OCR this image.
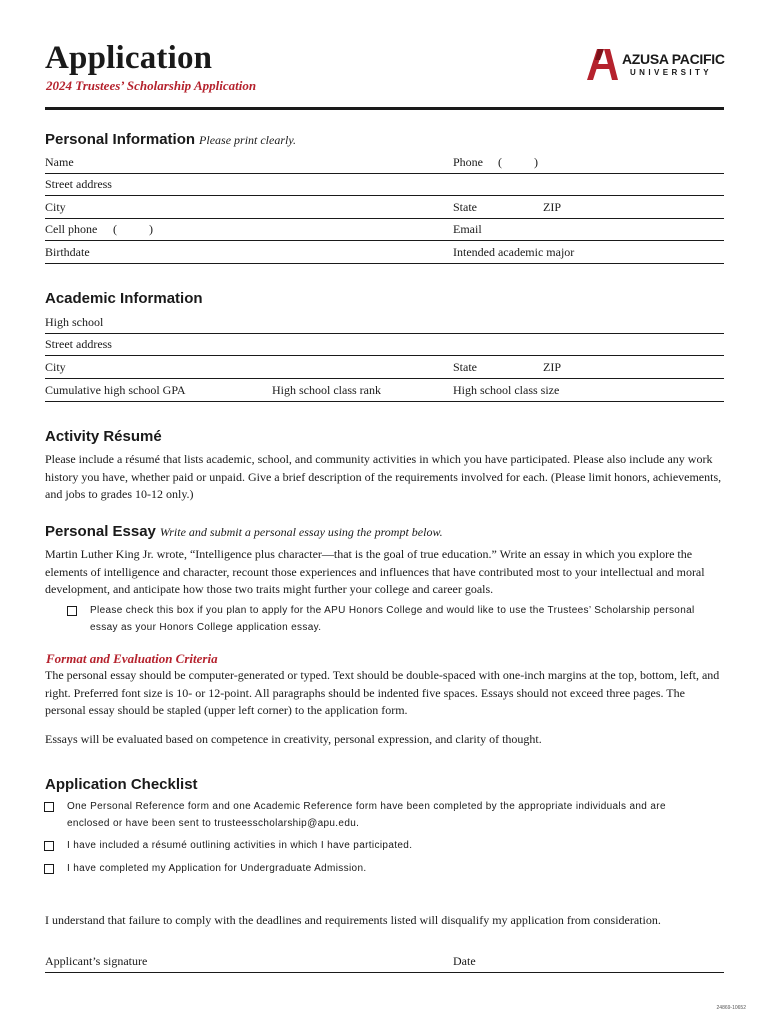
Application
2024 Trustees’ Scholarship Application
AZUSA PACIFIC
UNIVERSITY
Personal Information Please print clearly.
Name	Phone (	)
Street address
City	State	ZIP
Cell phone (	)	Email
Birthdate	Intended academic major
Academic Information
High school
Street address
City	State	ZIP
Cumulative high school GPA	High school class rank	High school class size
Activity Résumé
Please include a résumé that lists academic, school, and community activities in which you have participated. Please also include any work history you have, whether paid or unpaid. Give a brief description of the requirements involved for each. (Please limit honors, achievements, and jobs to grades 10-12 only.)
Personal Essay Write and submit a personal essay using the prompt below.
Martin Luther King Jr. wrote, “Intelligence plus character—that is the goal of true education.” Write an essay in which you explore the elements of intelligence and character, recount those experiences and influences that have contributed most to your intellectual and moral development, and anticipate how those two traits might further your college and career goals.
Please check this box if you plan to apply for the APU Honors College and would like to use the Trustees’ Scholarship personal essay as your Honors College application essay.
Format and Evaluation Criteria
The personal essay should be computer-generated or typed. Text should be double-spaced with one-inch margins at the top, bottom, left, and right. Preferred font size is 10- or 12-point. All paragraphs should be indented five spaces. Essays should not exceed three pages. The personal essay should be stapled (upper left corner) to the application form.
Essays will be evaluated based on competence in creativity, personal expression, and clarity of thought.
Application Checklist
One Personal Reference form and one Academic Reference form have been completed by the appropriate individuals and are enclosed or have been sent to trusteesscholarship@apu.edu.
I have included a résumé outlining activities in which I have participated.
I have completed my Application for Undergraduate Admission.
I understand that failure to comply with the deadlines and requirements listed will disqualify my application from consideration.
Applicant’s signature	Date
24869-10652
